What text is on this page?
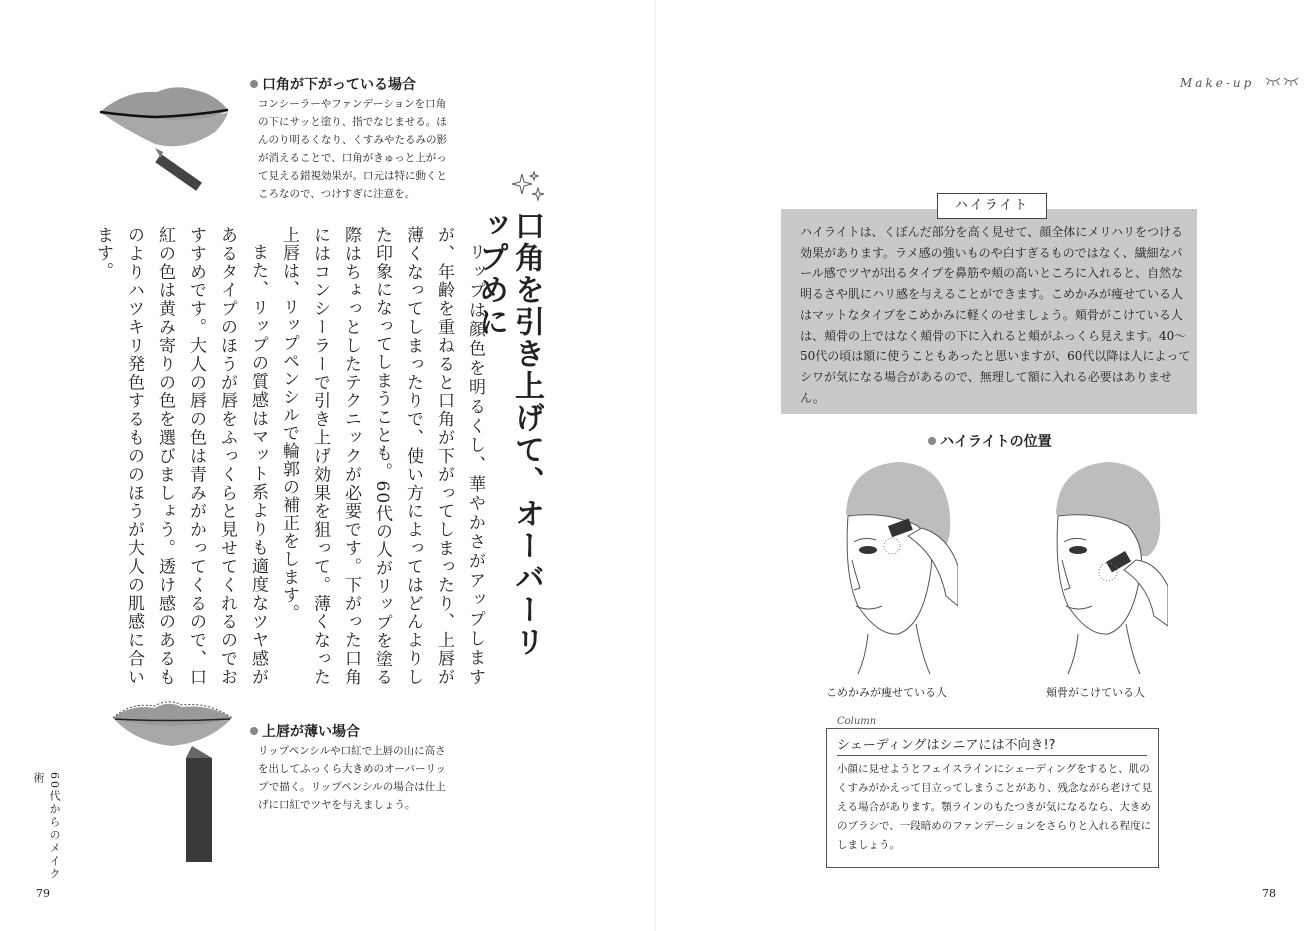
口角が下がっている場合
コンシーラーやファンデーションを口角の下にサッと塗り、指でなじませる。ほんのり明るくなり、くすみやたるみの影が消えることで、口角がきゅっと上がって見える錯視効果が。口元は特に動くところなので、つけすぎに注意を。
口角を引き上げて、オーバーリップめに

リップは顔色を明るくし、華やかさがアップしますが、年齢を重ねると口角が下がってしまったり、上唇が薄くなってしまったりで、使い方によってはどんよりした印象になってしまうことも。60代の人がリップを塗る際はちょっとしたテクニックが必要です。下がった口角にはコンシーラーで引き上げ効果を狙って。薄くなった上唇は、リップペンシルで輪郭の補正をします。

また、リップの質感はマット系よりも適度なツヤ感があるタイプのほうが唇をふっくらと見せてくれるのでおすすめです。大人の唇の色は青みがかってくるので、口紅の色は黄み寄りの色を選びましょう。透け感のあるものよりハツキリ発色するもののほうが大人の肌感に合います。

上唇が薄い場合
リップペンシルや口紅で上唇の山に高さを出してふっくら大きめのオーバーリップで描く。リップペンシルの場合は仕上げに口紅でツヤを与えましょう。
60代からのメイク術
79
Make-up
ハイライト
ハイライトは、くぼんだ部分を高く見せて、顔全体にメリハリをつける効果があります。ラメ感の強いものや白すぎるものではなく、繊細なパール感でツヤが出るタイプを鼻筋や頬の高いところに入れると、自然な明るさや肌にハリ感を与えることができます。こめかみが痩せている人はマットなタイプをこめかみに軽くのせましょう。頬骨がこけている人は、頬骨の上ではなく頬骨の下に入れると頬がふっくら見えます。40〜50代の頃は額に使うこともあったと思いますが、60代以降は人によってシワが気になる場合があるので、無理して額に入れる必要はありません。
ハイライトの位置
こめかみが痩せている人	頬骨がこけている人
Column
シェーディングはシニアには不向き!?
小顔に見せようとフェイスラインにシェーディングをすると、肌のくすみがかえって目立ってしまうことがあり、残念ながら老けて見える場合があります。顎ラインのもたつきが気になるなら、大きめのブラシで、一段暗めのファンデーションをさらりと入れる程度にしましょう。
78
